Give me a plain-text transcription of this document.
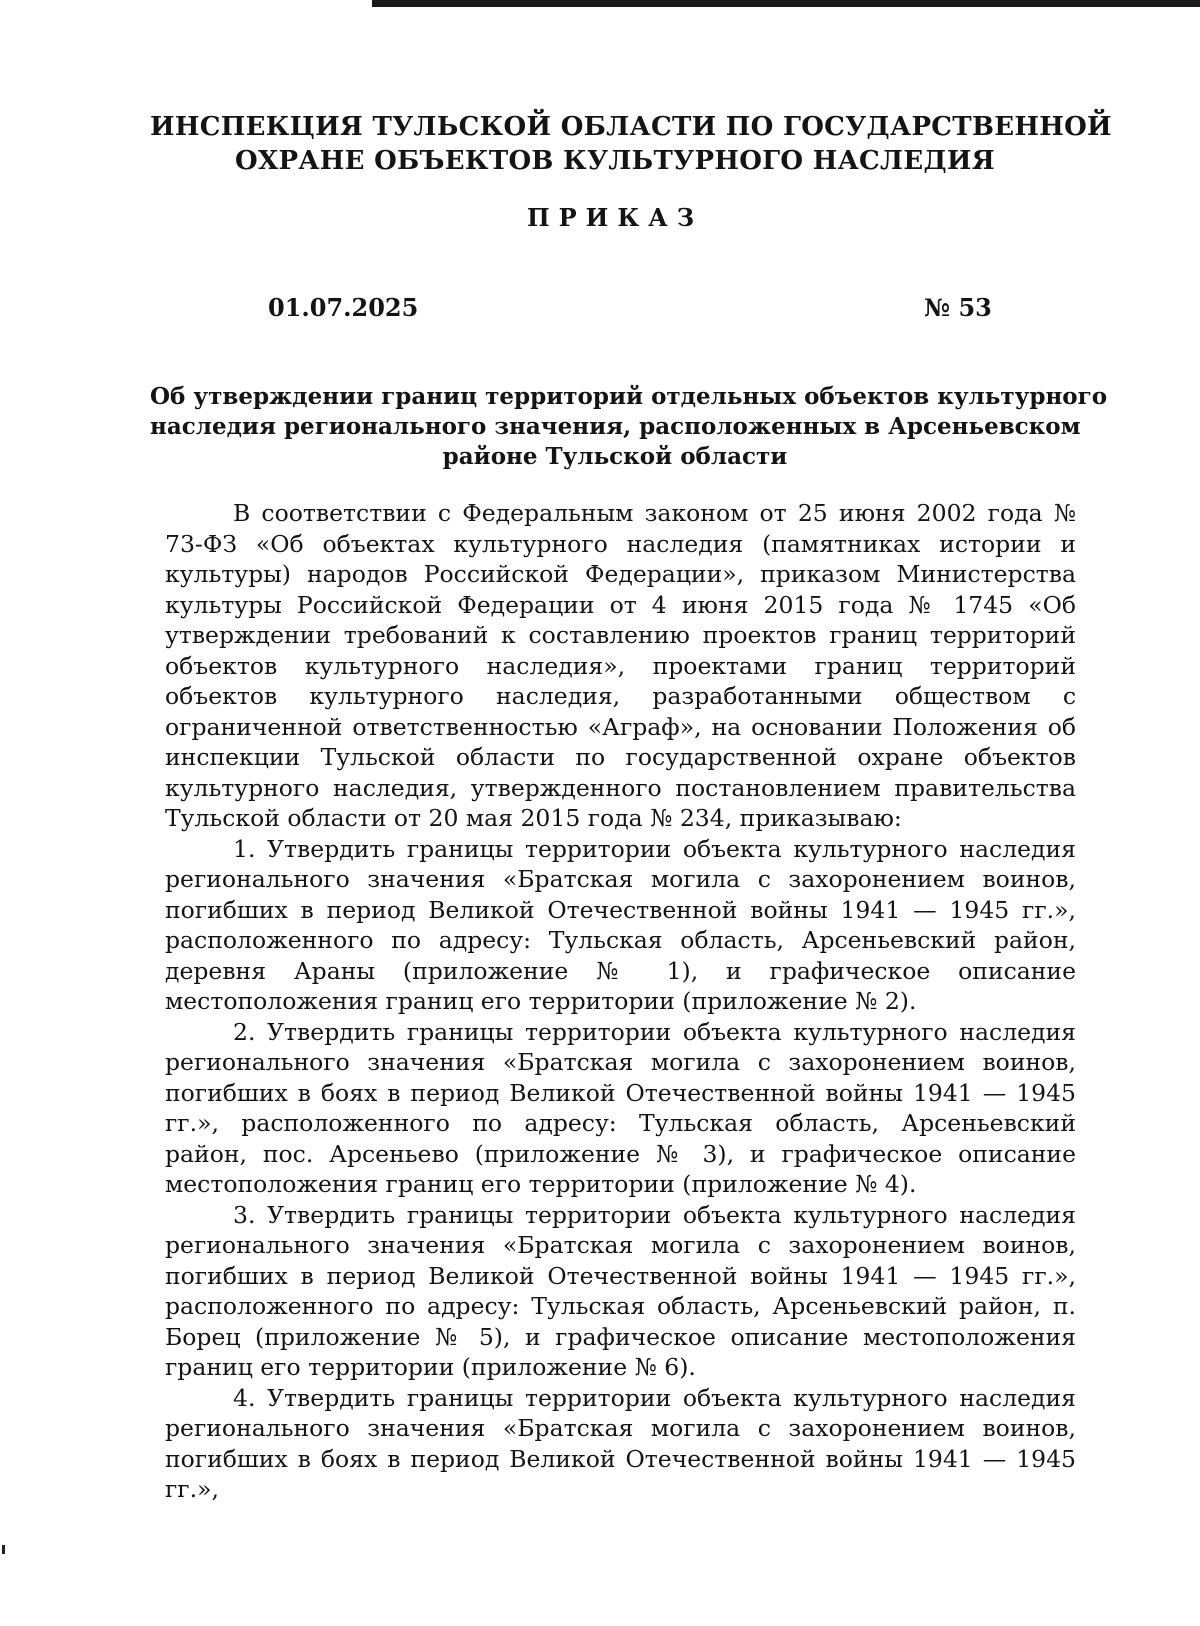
ИНСПЕКЦИЯ ТУЛЬСКОЙ ОБЛАСТИ ПО ГОСУДАРСТВЕННОЙ
ОХРАНЕ ОБЪЕКТОВ КУЛЬТУРНОГО НАСЛЕДИЯ
ПРИКАЗ
01.07.2025	№ 53
Об утверждении границ территорий отдельных объектов культурного
наследия регионального значения, расположенных в Арсеньевском
районе Тульской области

В соответствии с Федеральным законом от 25 июня 2002 года № 73-ФЗ «Об объектах культурного наследия (памятниках истории и культуры) народов Российской Федерации», приказом Министерства культуры Российской Федерации от 4 июня 2015 года № 1745 «Об утверждении требований к составлению проектов границ территорий объектов культурного наследия», проектами границ территорий объектов культурного наследия, разработанными обществом с ограниченной ответственностью «Аграф», на основании Положения об инспекции Тульской области по государственной охране объектов культурного наследия, утвержденного постановлением правительства Тульской области от 20 мая 2015 года № 234, приказываю:

1. Утвердить границы территории объекта культурного наследия регионального значения «Братская могила с захоронением воинов, погибших в период Великой Отечественной войны 1941 — 1945 гг.», расположенного по адресу: Тульская область, Арсеньевский район, деревня Араны (приложение № 1), и графическое описание местоположения границ его территории (приложение № 2).

2. Утвердить границы территории объекта культурного наследия регионального значения «Братская могила с захоронением воинов, погибших в боях в период Великой Отечественной войны 1941 — 1945 гг.», расположенного по адресу: Тульская область, Арсеньевский район, пос. Арсеньево (приложение № 3), и графическое описание местоположения границ его территории (приложение № 4).

3. Утвердить границы территории объекта культурного наследия регионального значения «Братская могила с захоронением воинов, погибших в период Великой Отечественной войны 1941 — 1945 гг.», расположенного по адресу: Тульская область, Арсеньевский район, п. Борец (приложение № 5), и графическое описание местоположения границ его территории (приложение № 6).

4. Утвердить границы территории объекта культурного наследия регионального значения «Братская могила с захоронением воинов, погибших в боях в период Великой Отечественной войны 1941 — 1945 гг.»,
